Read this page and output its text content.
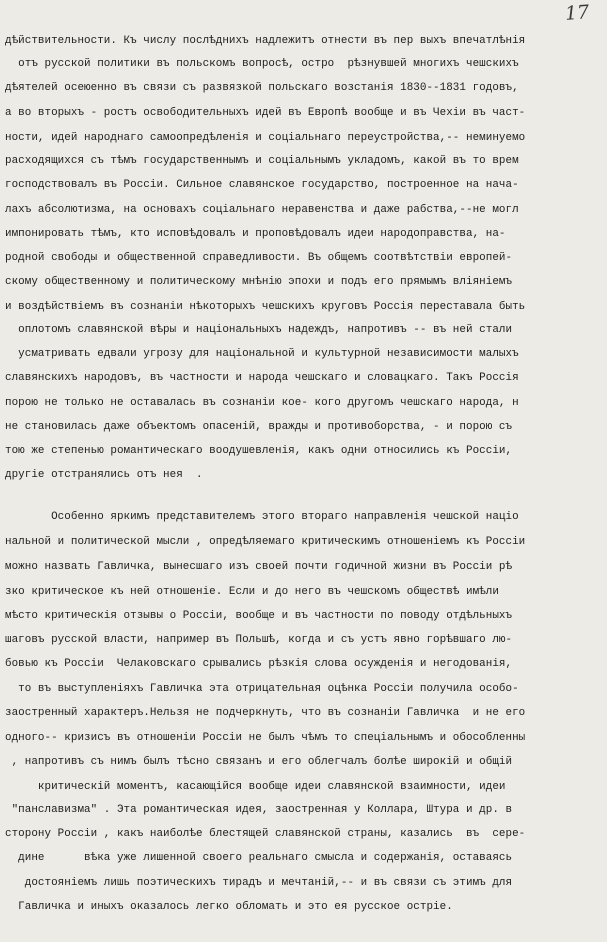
17
дѣйствительности. Къ числу послѣднихъ надлежитъ отнести въ пер выхъ впечатлѣнія
отъ русской политики въ польскомъ вопросѣ, остро  рѣзнувшей многихъ чешскихъ
дѣятелей осеюенно въ связи съ развязкой польскаго возстанія 1830--1831 годовъ,
а во вторыхъ - ростъ освободительныхъ идей въ Европѣ вообще и въ Чехіи въ част-
ности, идей народнаго самоопредѣленія и соціальнаго переустройства,-- неминуемо
расходящихся съ тѣмъ государственнымъ и соціальнымъ укладомъ, какой въ то врем
господствовалъ въ Россіи. Сильное славянское государство, построенное на нача-
лахъ абсолютизма, на основахъ соціальнаго неравенства и даже рабства,--не могл
импонировать тѣмъ, кто исповѣдовалъ и проповѣдовалъ идеи народоправства, на-
родной свободы и общественной справедливости. Въ общемъ соотвѣтствiи европей-
скому общественному и политическому мнѣнію эпохи и подъ его прямымъ вліяніемъ
и воздѣйствіемъ въ сознаніи нѣкоторыхъ чешскихъ круговъ Россія переставала быть
оплотомъ славянской вѣры и національныхъ надеждъ, напротивъ -- въ ней стали
усматривать едвали угрозу для національной и культурной независимости малыхъ
славянскихъ народовъ, въ частности и народа чешскаго и словацкаго. Такъ Россія
порою не только не оставалась въ сознаніи кое- кого другомъ чешскаго народа, н
не становилась даже объектомъ опасеній, вражды и противоборства, - и порою съ
тою же степенью романтическаго воодушевленія, какъ одни относились къ Россіи,
другіе отстранялись отъ нея  .
Особенно яркимъ представителемъ этого втораго направленія чешской націо
нальной и политической мысли , опредѣляемаго критическимъ отношеніемъ къ Россіи
можно назвать Гавличка, вынесшаго изъ своей почти годичной жизни въ Россіи рѣ
зко критическое къ ней отношеніе. Если и до него въ чешскомъ обществѣ имѣли
мѣсто критическія отзывы о Россіи, вообще и въ частности по поводу отдѣльныхъ
шаговъ русской власти, например въ Польшѣ, когда и съ устъ явно горѣвшаго лю-
бовью къ Россіи  Челаковскаго срывались рѣзкія слова осужденія и негодованія,
то въ выступленіяхъ Гавличка эта отрицательная оцѣнка Россіи получила особо-
заостренный характеръ.Нельзя не подчеркнуть, что въ сознаніи Гавличка  и не его
одного-- кризисъ въ отношеніи Россіи не былъ чѣмъ то спеціальнымъ и обособленны
, напротивъ съ нимъ былъ тѣсно связанъ и его облегчалъ болѣе широкій и общій
критическій моментъ, касающійся вообще идеи славянской взаимности, идеи
"панславизма" . Эта романтическая идея, заостренная у Коллара, Штура и др. в
сторону Россіи , какъ наиболѣе блестящей славянской страны, казались  въ  сере-
дине      вѣка уже лишенной своего реальнаго смысла и содержанія, оставаясь
достояніемъ лишь поэтическихъ тирадъ и мечтаній,-- и въ связи съ этимъ для
Гавличка и иныхъ оказалось легко обломать и это ея русское острiе.
